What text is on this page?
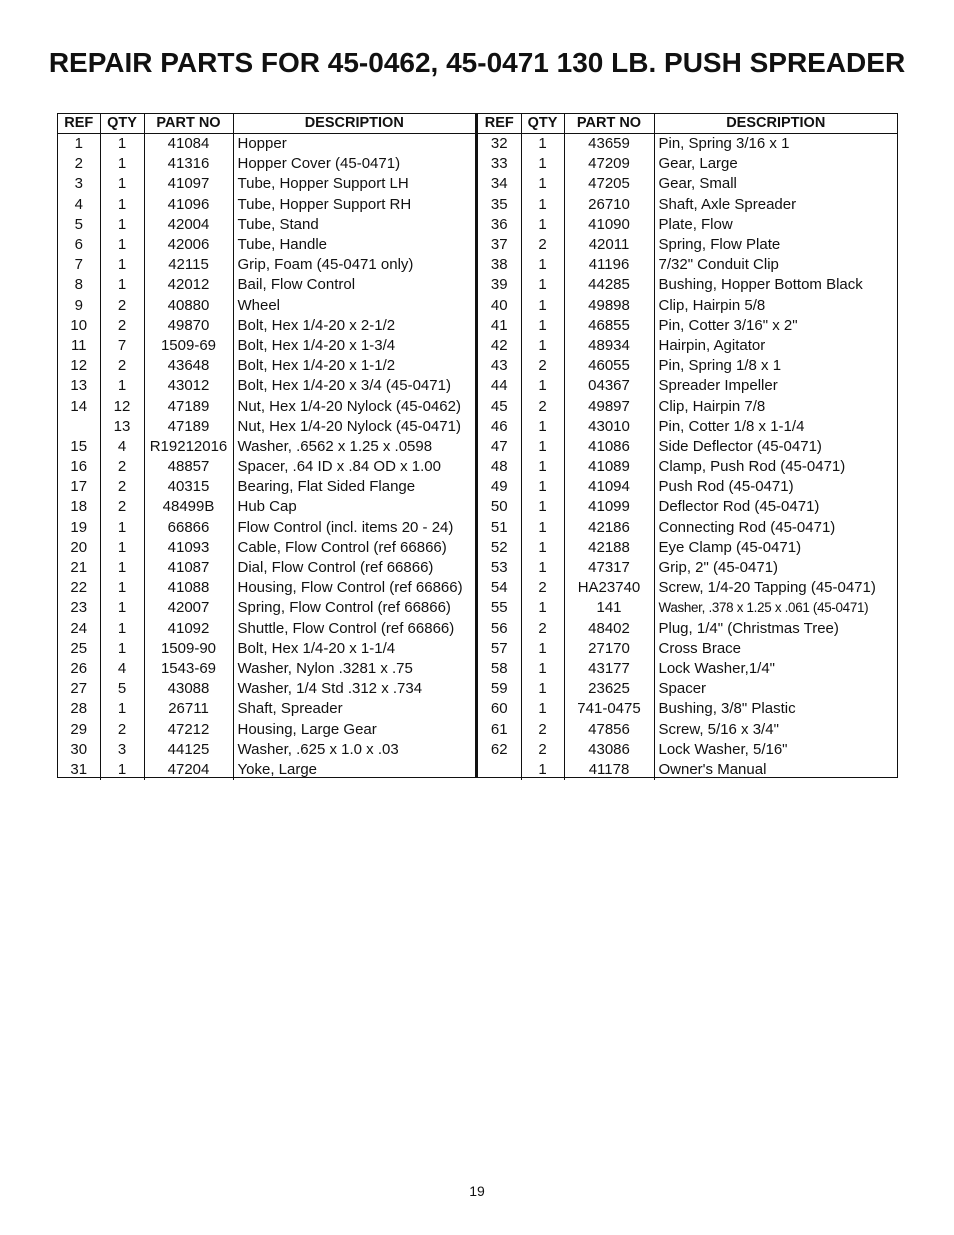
REPAIR PARTS FOR 45-0462, 45-0471 130 LB. PUSH SPREADER
REF	QTY	PART NO	DESCRIPTION
1	1	41084	Hopper
2	1	41316	Hopper Cover (45-0471)
3	1	41097	Tube, Hopper Support LH
4	1	41096	Tube, Hopper Support RH
5	1	42004	Tube, Stand
6	1	42006	Tube, Handle
7	1	42115	Grip, Foam (45-0471 only)
8	1	42012	Bail, Flow Control
9	2	40880	Wheel
10	2	49870	Bolt, Hex 1/4-20 x 2-1/2
11	7	1509-69	Bolt, Hex 1/4-20 x 1-3/4
12	2	43648	Bolt, Hex 1/4-20 x 1-1/2
13	1	43012	Bolt, Hex 1/4-20 x 3/4 (45-0471)
14	12	47189	Nut, Hex 1/4-20 Nylock (45-0462)
	13	47189	Nut, Hex 1/4-20 Nylock (45-0471)
15	4	R19212016	Washer, .6562 x 1.25 x .0598
16	2	48857	Spacer, .64 ID x .84 OD x 1.00
17	2	40315	Bearing, Flat Sided Flange
18	2	48499B	Hub Cap
19	1	66866	Flow Control (incl. items 20 - 24)
20	1	41093	Cable, Flow Control (ref 66866)
21	1	41087	Dial, Flow Control (ref 66866)
22	1	41088	Housing, Flow Control (ref 66866)
23	1	42007	Spring, Flow Control (ref 66866)
24	1	41092	Shuttle, Flow Control (ref 66866)
25	1	1509-90	Bolt, Hex 1/4-20 x 1-1/4
26	4	1543-69	Washer, Nylon .3281 x .75
27	5	43088	Washer, 1/4 Std .312 x .734
28	1	26711	Shaft, Spreader
29	2	47212	Housing, Large Gear
30	3	44125	Washer, .625 x 1.0 x .03
31	1	47204	Yoke, Large
REF	QTY	PART NO	DESCRIPTION
32	1	43659	Pin, Spring 3/16 x 1
33	1	47209	Gear, Large
34	1	47205	Gear, Small
35	1	26710	Shaft, Axle Spreader
36	1	41090	Plate, Flow
37	2	42011	Spring, Flow Plate
38	1	41196	7/32" Conduit Clip
39	1	44285	Bushing, Hopper Bottom Black
40	1	49898	Clip, Hairpin 5/8
41	1	46855	Pin, Cotter 3/16" x 2"
42	1	48934	Hairpin, Agitator
43	2	46055	Pin, Spring 1/8 x 1
44	1	04367	Spreader Impeller
45	2	49897	Clip, Hairpin 7/8
46	1	43010	Pin, Cotter 1/8 x 1-1/4
47	1	41086	Side Deflector (45-0471)
48	1	41089	Clamp, Push Rod (45-0471)
49	1	41094	Push Rod (45-0471)
50	1	41099	Deflector Rod (45-0471)
51	1	42186	Connecting Rod (45-0471)
52	1	42188	Eye Clamp (45-0471)
53	1	47317	Grip, 2" (45-0471)
54	2	HA23740	Screw, 1/4-20 Tapping (45-0471)
55	1	141	Washer, .378 x 1.25 x .061 (45-0471)
56	2	48402	Plug, 1/4" (Christmas Tree)
57	1	27170	Cross Brace
58	1	43177	Lock Washer,1/4"
59	1	23625	Spacer
60	1	741-0475	Bushing, 3/8" Plastic
61	2	47856	Screw, 5/16 x 3/4"
62	2	43086	Lock Washer, 5/16"
	1	41178	Owner's Manual
19
